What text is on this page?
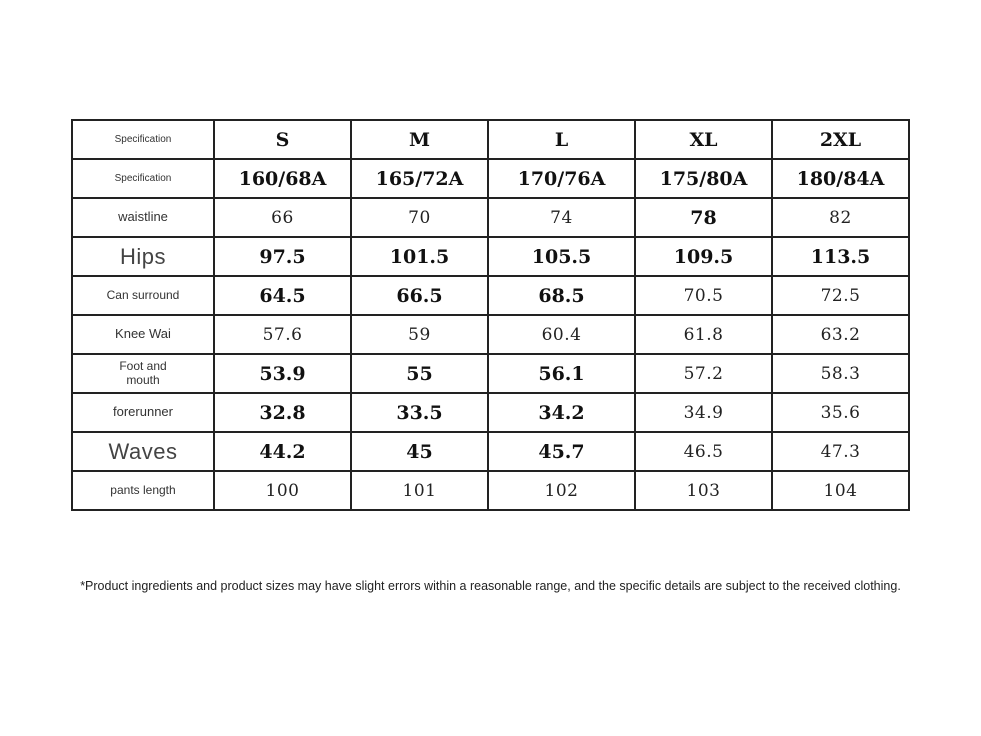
Specification	S	M	L	XL	2XL
Specification	160/68A	165/72A	170/76A	175/80A	180/84A
waistline	66	70	74	78	82
Hips	97.5	101.5	105.5	109.5	113.5
Can surround	64.5	66.5	68.5	70.5	72.5
Knee Wai	57.6	59	60.4	61.8	63.2
Foot and mouth	53.9	55	56.1	57.2	58.3
forerunner	32.8	33.5	34.2	34.9	35.6
Waves	44.2	45	45.7	46.5	47.3
pants length	100	101	102	103	104
*Product ingredients and product sizes may have slight errors within a reasonable range, and the specific details are subject to the received clothing.
